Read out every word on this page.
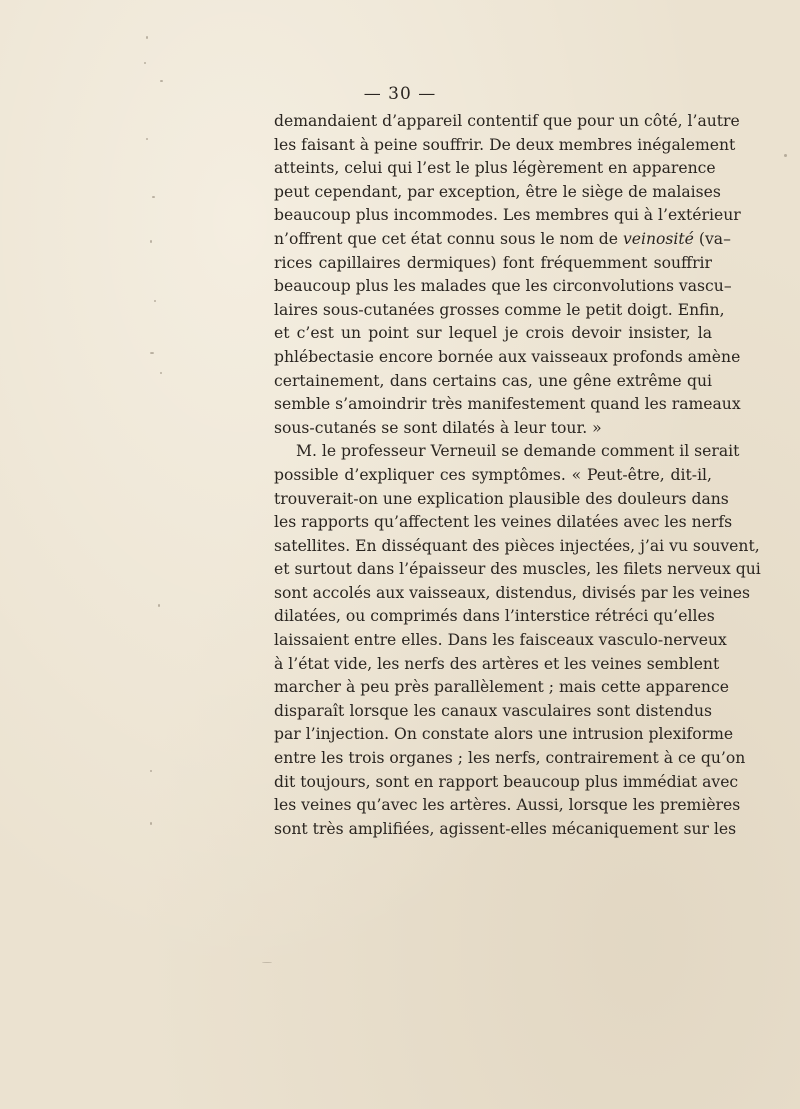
— 30 —
demandaient d’appareil contentif que pour un côté, l’autre
les faisant à peine souffrir. De deux membres inégalement
atteints, celui qui l’est le plus légèrement en apparence
peut cependant, par exception, être le siège de malaises
beaucoup plus incommodes. Les membres qui à l’extérieur
n’offrent que cet état connu sous le nom de veinosité (va–
rices capillaires dermiques) font fréquemment souffrir
beaucoup plus les malades que les circonvolutions vascu–
laires sous-cutanées grosses comme le petit doigt. Enfin,
et c’est un point sur lequel je crois devoir insister, la
phlébectasie encore bornée aux vaisseaux profonds amène
certainement, dans certains cas, une gêne extrême qui
semble s’amoindrir très manifestement quand les rameaux
sous-cutanés se sont dilatés à leur tour. »
M. le professeur Verneuil se demande comment il serait
possible d’expliquer ces symptômes. « Peut-être, dit-il,
trouverait-on une explication plausible des douleurs dans
les rapports qu’affectent les veines dilatées avec les nerfs
satellites. En disséquant des pièces injectées, j’ai vu souvent,
et surtout dans l’épaisseur des muscles, les filets nerveux qui
sont accolés aux vaisseaux, distendus, divisés par les veines
dilatées, ou comprimés dans l’interstice rétréci qu’elles
laissaient entre elles. Dans les faisceaux vasculo-nerveux
à l’état vide, les nerfs des artères et les veines semblent
marcher à peu près parallèlement ; mais cette apparence
disparaît lorsque les canaux vasculaires sont distendus
par l’injection. On constate alors une intrusion plexiforme
entre les trois organes ; les nerfs, contrairement à ce qu’on
dit toujours, sont en rapport beaucoup plus immédiat avec
les veines qu’avec les artères. Aussi, lorsque les premières
sont très amplifiées, agissent-elles mécaniquement sur les
